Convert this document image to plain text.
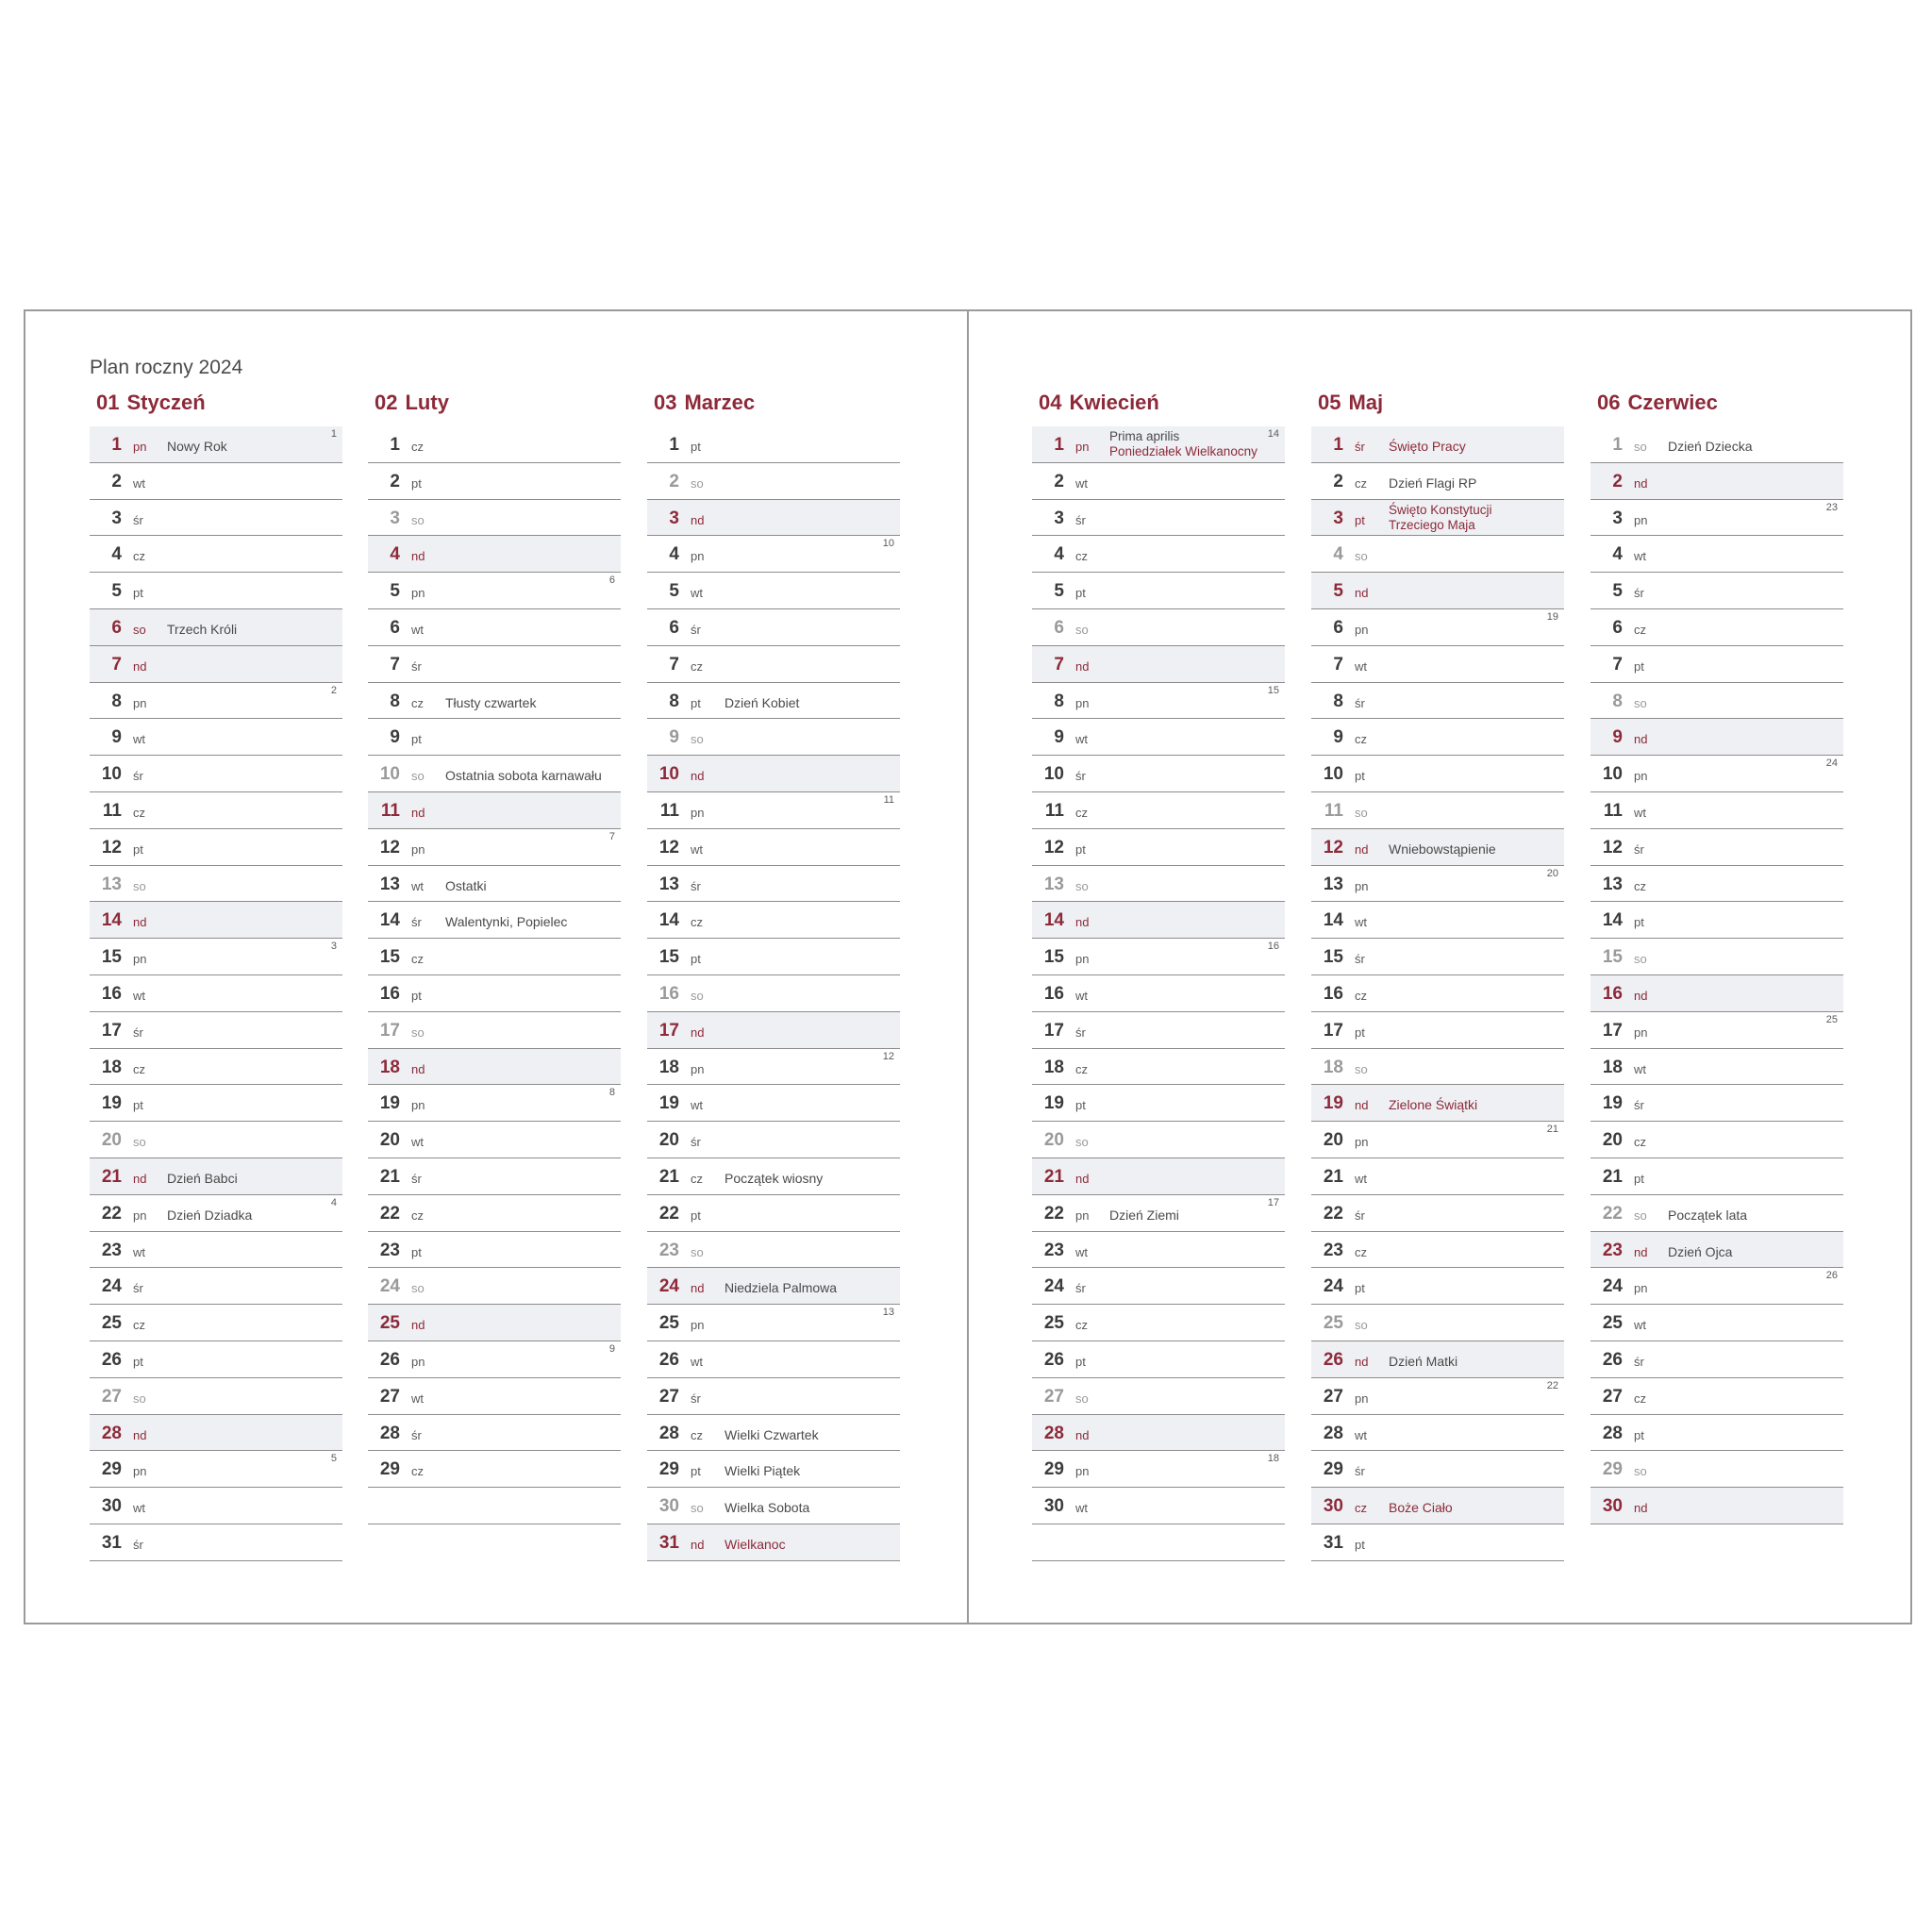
Plan roczny 2024
01 Styczeń
1 pn Nowy Rok
1
2 wt
3 śr
4 cz
5 pt
6 so Trzech Króli
7 nd
8 pn
2
9 wt
10 śr
11 cz
12 pt
13 so
14 nd
15 pn
3
16 wt
17 śr
18 cz
19 pt
20 so
21 nd Dzień Babci
22 pn Dzień Dziadka
4
23 wt
24 śr
25 cz
26 pt
27 so
28 nd
29 pn
5
30 wt
31 śr
02 Luty
1 cz
2 pt
3 so
4 nd
5 pn
6
6 wt
7 śr
8 cz Tłusty czwartek
9 pt
10 so Ostatnia sobota karnawału
11 nd
12 pn
7
13 wt Ostatki
14 śr Walentynki, Popielec
15 cz
16 pt
17 so
18 nd
19 pn
8
20 wt
21 śr
22 cz
23 pt
24 so
25 nd
26 pn
9
27 wt
28 śr
29 cz
03 Marzec
1 pt
2 so
3 nd
4 pn
10
5 wt
6 śr
7 cz
8 pt Dzień Kobiet
9 so
10 nd
11 pn
11
12 wt
13 śr
14 cz
15 pt
16 so
17 nd
18 pn
12
19 wt
20 śr
21 cz Początek wiosny
22 pt
23 so
24 nd Niedziela Palmowa
25 pn
13
26 wt
27 śr
28 cz Wielki Czwartek
29 pt Wielki Piątek
30 so Wielka Sobota
31 nd Wielkanoc
04 Kwiecień
1 pn
Prima aprilis
Poniedziałek Wielkanocny
14
2 wt
3 śr
4 cz
5 pt
6 so
7 nd
8 pn
15
9 wt
10 śr
11 cz
12 pt
13 so
14 nd
15 pn
16
16 wt
17 śr
18 cz
19 pt
20 so
21 nd
22 pn Dzień Ziemi
17
23 wt
24 śr
25 cz
26 pt
27 so
28 nd
29 pn
18
30 wt
05 Maj
1 śr Święto Pracy
2 cz Dzień Flagi RP
3 pt
Święto Konstytucji
Trzeciego Maja
4 so
5 nd
6 pn
19
7 wt
8 śr
9 cz
10 pt
11 so
12 nd Wniebowstąpienie
13 pn
20
14 wt
15 śr
16 cz
17 pt
18 so
19 nd Zielone Świątki
20 pn
21
21 wt
22 śr
23 cz
24 pt
25 so
26 nd Dzień Matki
27 pn
22
28 wt
29 śr
30 cz Boże Ciało
31 pt
06 Czerwiec
1 so Dzień Dziecka
2 nd
3 pn
23
4 wt
5 śr
6 cz
7 pt
8 so
9 nd
10 pn
24
11 wt
12 śr
13 cz
14 pt
15 so
16 nd
17 pn
25
18 wt
19 śr
20 cz
21 pt
22 so Początek lata
23 nd Dzień Ojca
24 pn
26
25 wt
26 śr
27 cz
28 pt
29 so
30 nd
